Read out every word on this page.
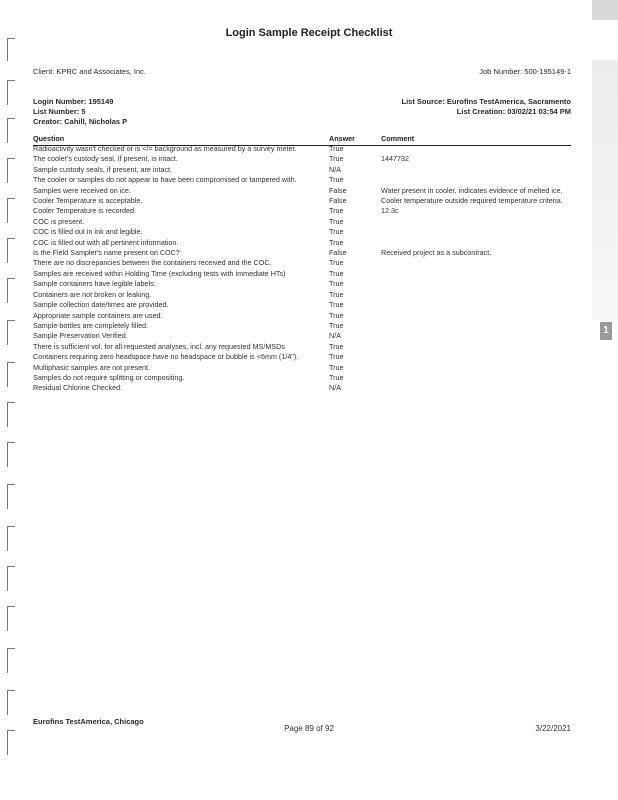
1
Login Sample Receipt Checklist
Client: KPRC and Associates, Inc.	Job Number: 500-195149-1
Login Number: 195149
List Number: 5
Creator: Cahill, Nicholas P
List Source: Eurofins TestAmerica, Sacramento
List Creation: 03/02/21 03:54 PM
Question	Answer	Comment
Radioactivity wasn't checked or is </= background as measured by a survey meter.	True	
The cooler's custody seal, if present, is intact.	True	1447732
Sample custody seals, if present, are intact.	N/A	
The cooler or samples do not appear to have been compromised or tampered with.	True	
Samples were received on ice.	False	Water present in cooler, indicates evidence of melted ice.
Cooler Temperature is acceptable.	False	Cooler temperature outside required temperature criteria.
Cooler Temperature is recorded.	True	12.3c
COC is present.	True	
COC is filled out in ink and legible.	True	
COC is filled out with all pertinent information.	True	
Is the Field Sampler's name present on COC?	False	Received project as a subcontract.
There are no discrepancies between the containers received and the COC.	True	
Samples are received within Holding Time (excluding tests with immediate HTs)	True	
Sample containers have legible labels.	True	
Containers are not broken or leaking.	True	
Sample collection date/times are provided.	True	
Appropriate sample containers are used.	True	
Sample bottles are completely filled.	True	
Sample Preservation Verified.	N/A	
There is sufficient vol. for all requested analyses, incl. any requested MS/MSDs	True	
Containers requiring zero headspace have no headspace or bubble is <6mm (1/4").	True	
Multiphasic samples are not present.	True	
Samples do not require splitting or compositing.	True	
Residual Chlorine Checked.	N/A	
Eurofins TestAmerica, Chicago
Page 89 of 92	3/22/2021
